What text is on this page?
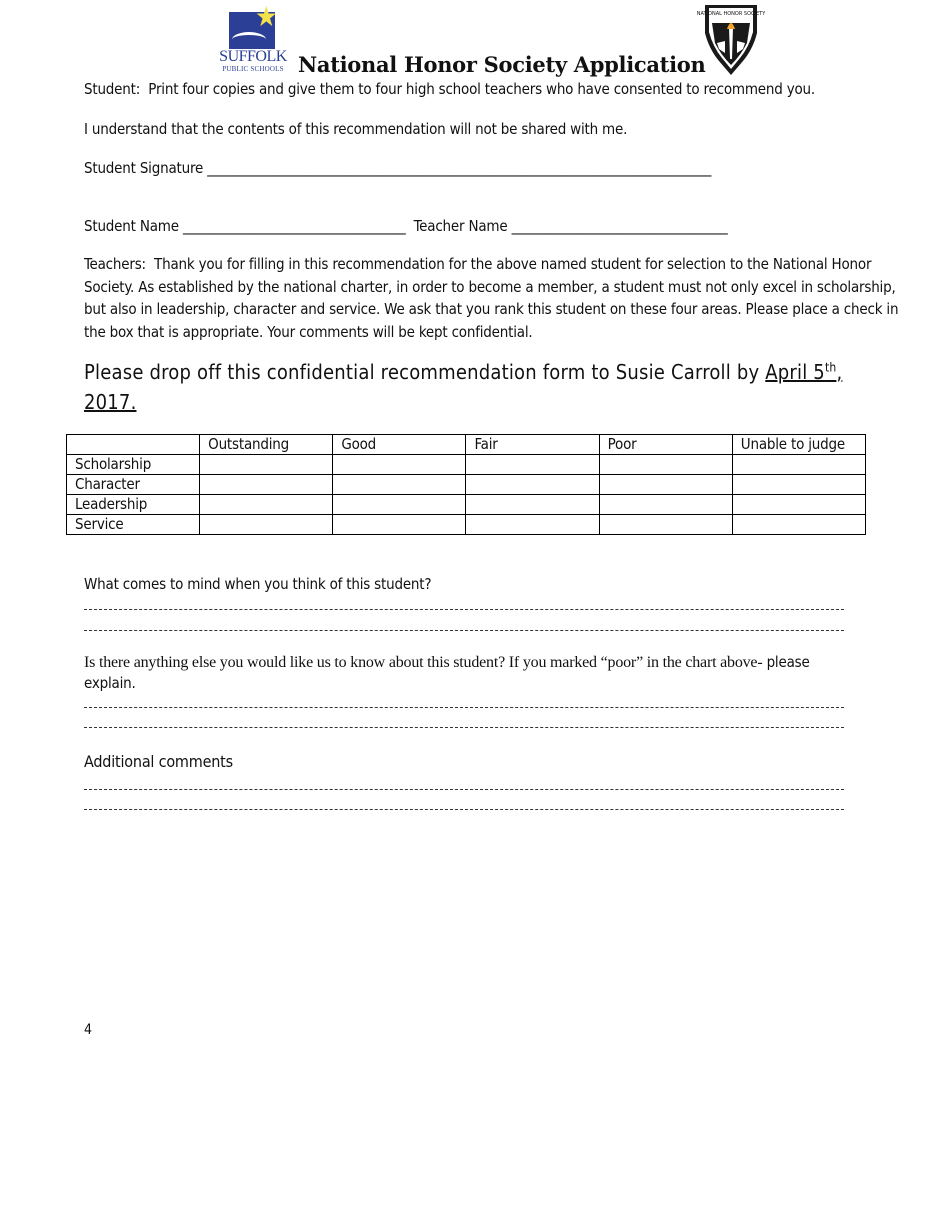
★
SUFFOLK
PUBLIC SCHOOLS National Honor Society Application
NATIONAL HONOR SOCIETY
Student: Print four copies and give them to four high school teachers who have consented to recommend you.
I understand that the contents of this recommendation will not be shared with me.
Student Signature _____________________________________________________________________________
Student Name __________________________________ Teacher Name _________________________________
Teachers: Thank you for filling in this recommendation for the above named student for selection to the National Honor Society. As established by the national charter, in order to become a member, a student must not only excel in scholarship, but also in leadership, character and service. We ask that you rank this student on these four areas. Please place a check in the box that is appropriate. Your comments will be kept confidential.
Please drop off this confidential recommendation form to Susie Carroll by April 5th,
2017.
	Outstanding	Good	Fair	Poor	Unable to judge
Scholarship					
Character					
Leadership					
Service					
What comes to mind when you think of this student?
Is there anything else you would like us to know about this student? If you marked “poor” in the chart above- please
explain.
Additional comments
4
